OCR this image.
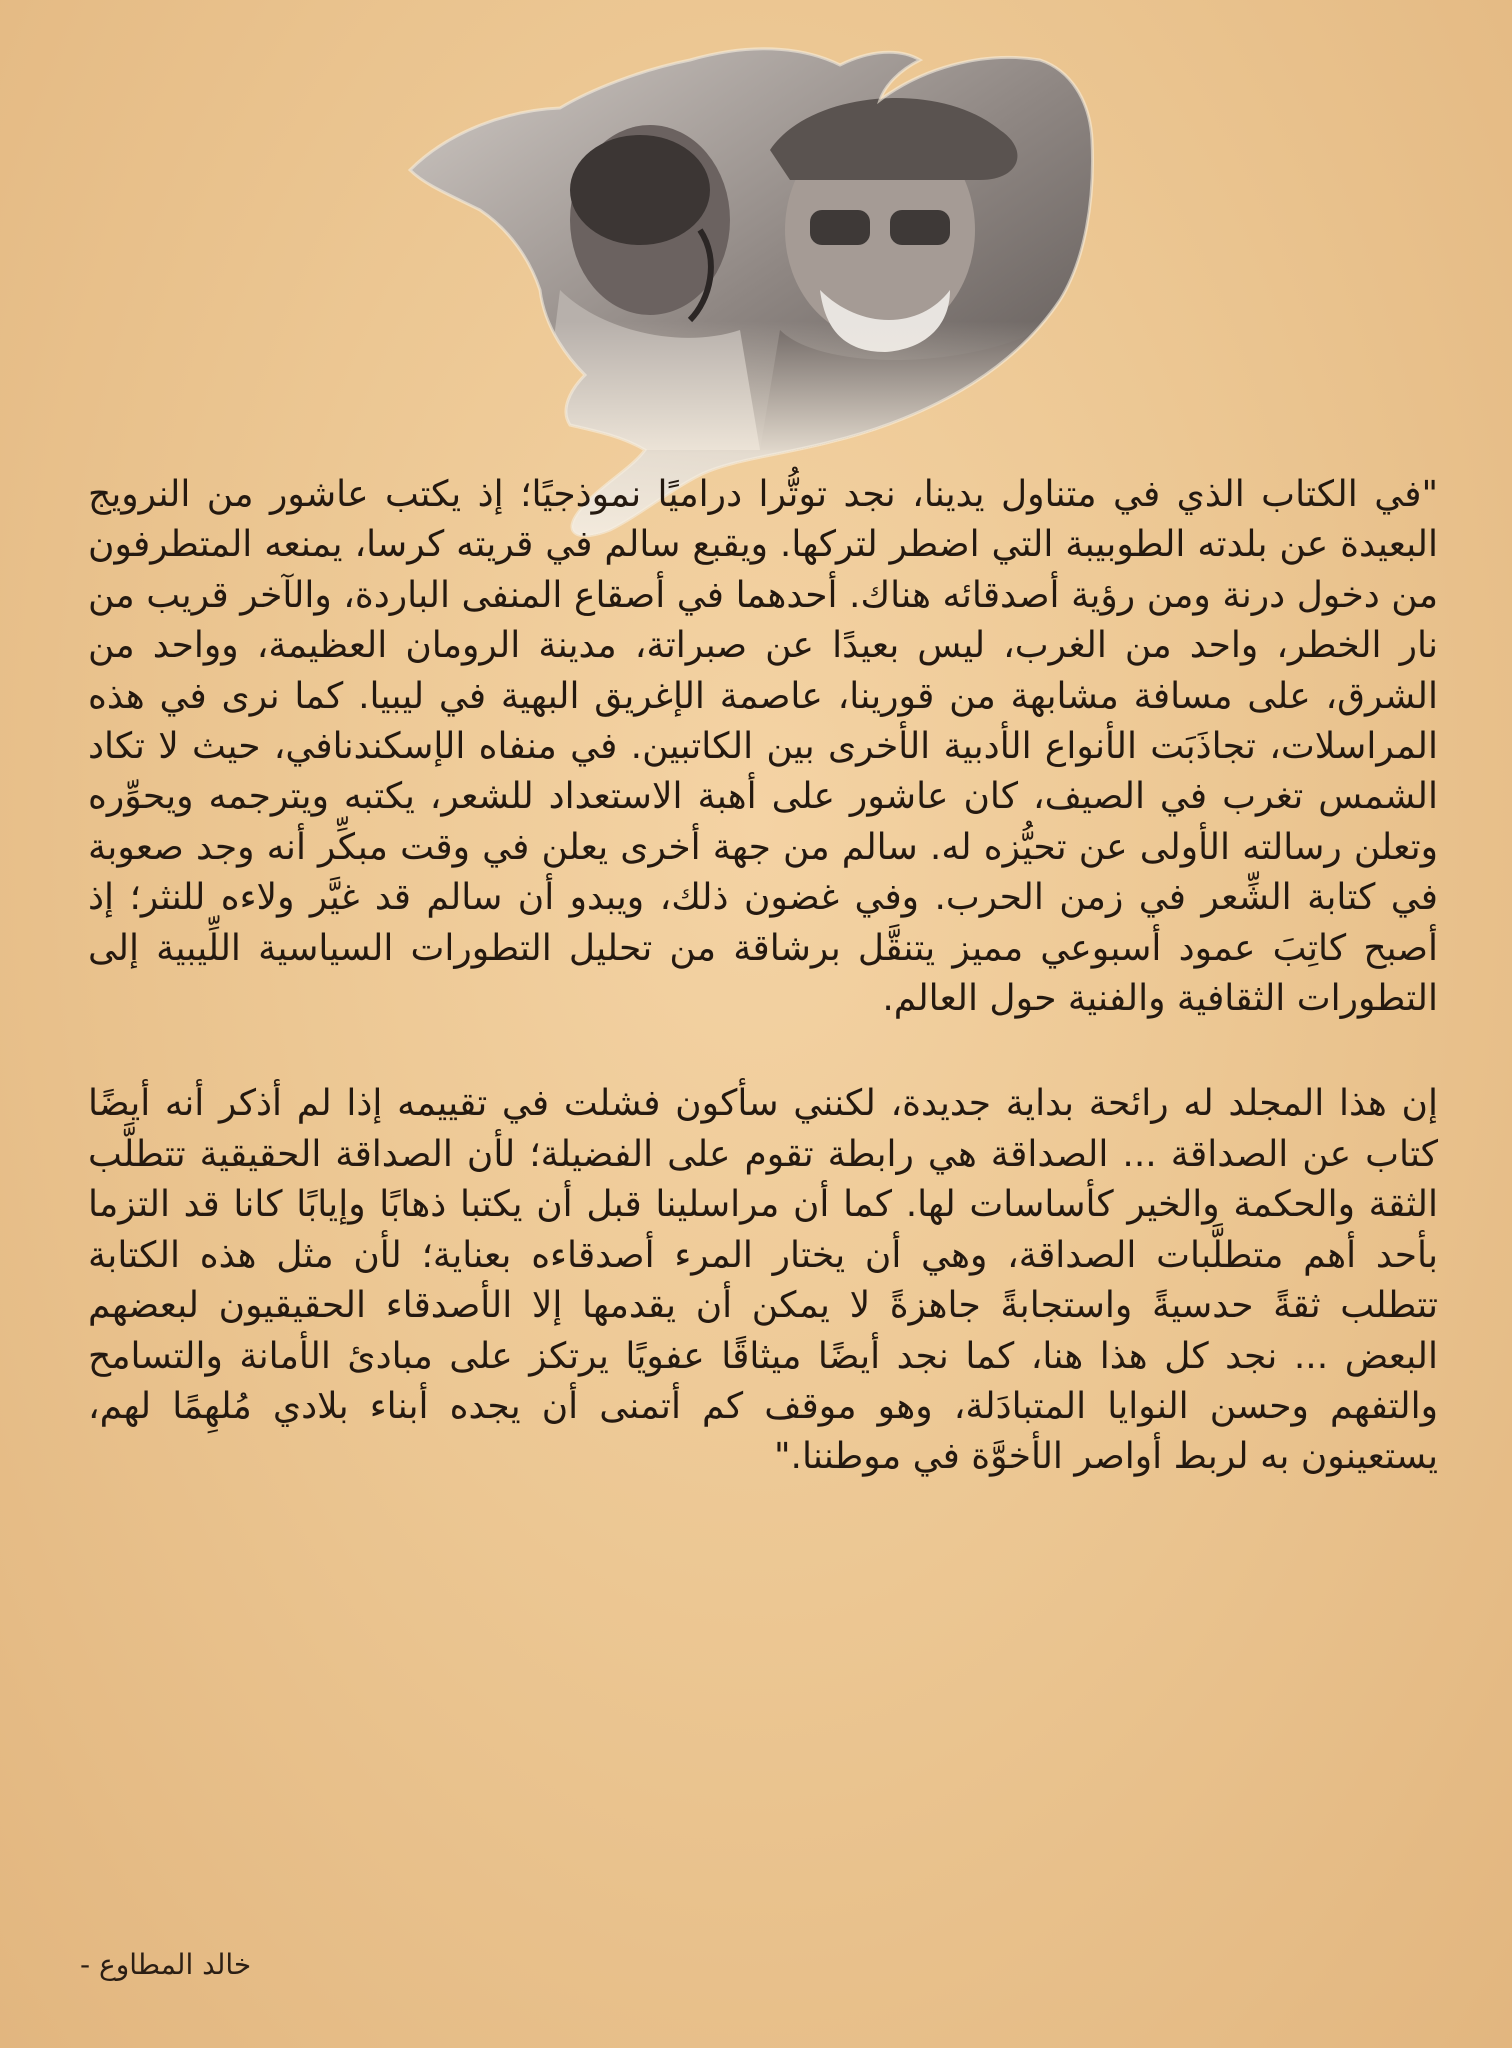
"في الكتاب الذي في متناول يدينا، نجد توتُّرا دراميًا نموذجيًا؛ إذ يكتب عاشور من النرويج البعيدة عن بلدته الطوبيبة التي اضطر لتركها. ويقبع سالم في قريته كرسا، يمنعه المتطرفون من دخول درنة ومن رؤية أصدقائه هناك. أحدهما في أصقاع المنفى الباردة، والآخر قريب من نار الخطر، واحد من الغرب، ليس بعيدًا عن صبراتة، مدينة الرومان العظيمة، وواحد من الشرق، على مسافة مشابهة من قورينا، عاصمة الإغريق البهية في ليبيا. كما نرى في هذه المراسلات، تجاذَبَت الأنواع الأدبية الأخرى بين الكاتبين. في منفاه الإسكندنافي، حيث لا تكاد الشمس تغرب في الصيف، كان عاشور على أهبة الاستعداد للشعر، يكتبه ويترجمه ويحوِّره وتعلن رسالته الأولى عن تحيُّزه له. سالم من جهة أخرى يعلن في وقت مبكِّر أنه وجد صعوبة في كتابة الشِّعر في زمن الحرب. وفي غضون ذلك، ويبدو أن سالم قد غيَّر ولاءه للنثر؛ إذ أصبح كاتِبَ عمود أسبوعي مميز يتنقَّل برشاقة من تحليل التطورات السياسية اللِّيبية إلى التطورات الثقافية والفنية حول العالم.

إن هذا المجلد له رائحة بداية جديدة، لكنني سأكون فشلت في تقييمه إذا لم أذكر أنه أيضًا كتاب عن الصداقة ... الصداقة هي رابطة تقوم على الفضيلة؛ لأن الصداقة الحقيقية تتطلَّب الثقة والحكمة والخير كأساسات لها. كما أن مراسلينا قبل أن يكتبا ذهابًا وإيابًا كانا قد التزما بأحد أهم متطلَّبات الصداقة، وهي أن يختار المرء أصدقاءه بعناية؛ لأن مثل هذه الكتابة تتطلب ثقةً حدسيةً واستجابةً جاهزةً لا يمكن أن يقدمها إلا الأصدقاء الحقيقيون لبعضهم البعض ... نجد كل هذا هنا، كما نجد أيضًا ميثاقًا عفويًا يرتكز على مبادئ الأمانة والتسامح والتفهم وحسن النوايا المتبادَلة، وهو موقف كم أتمنى أن يجده أبناء بلادي مُلهِمًا لهم، يستعينون به لربط أواصر الأخوَّة في موطننا."

- خالد المطاوع
